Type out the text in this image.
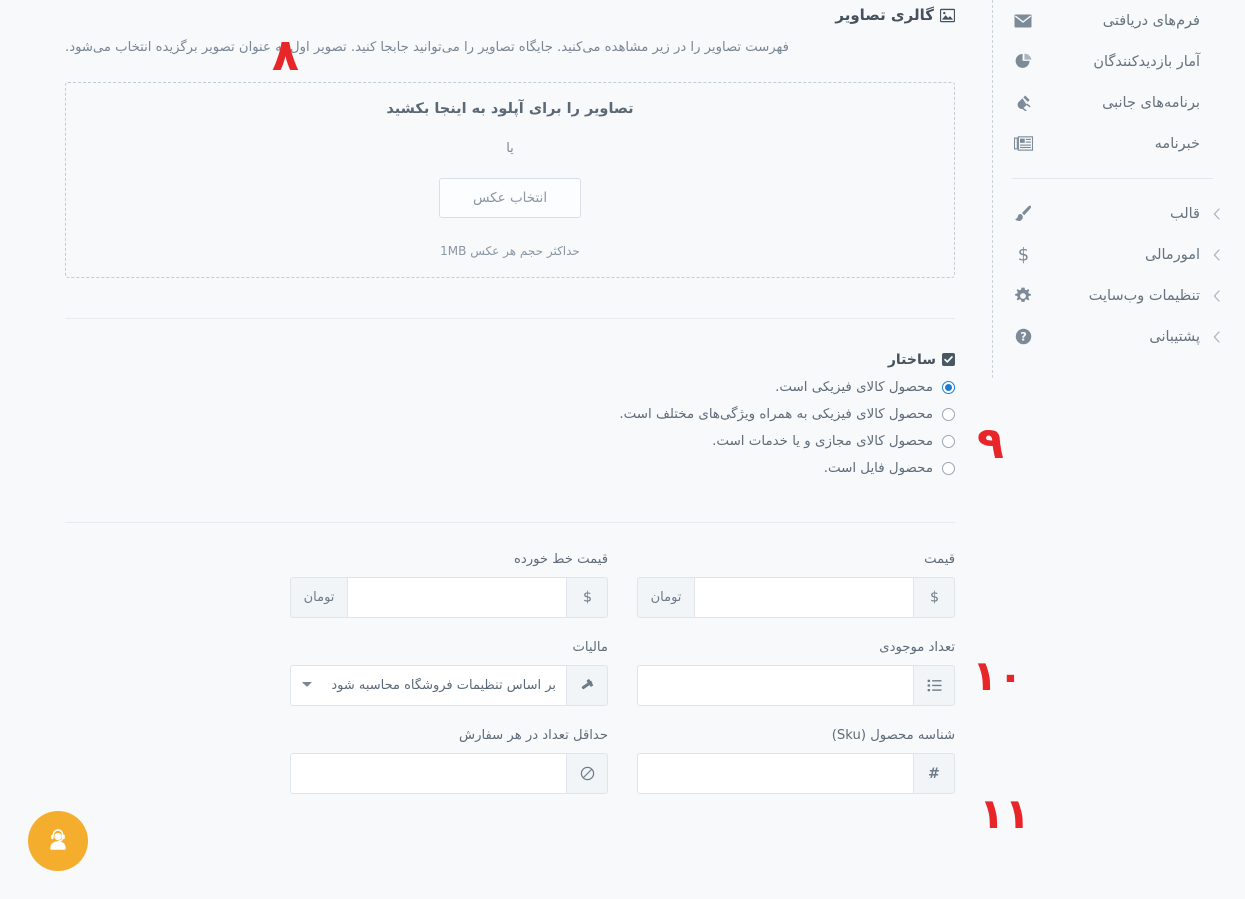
گالری تصاویر

فهرست تصاویر را در زیر مشاهده می‌کنید. جایگاه تصاویر را می‌توانید جابجا کنید. تصویر اول به عنوان تصویر برگزیده انتخاب می‌شود.

تصاویر را برای آپلود به اینجا بکشید
یا
انتخاب عکس
حداکثر حجم هر عکس 1MB
ساختار
محصول کالای فیزیکی است.
محصول کالای فیزیکی به همراه ویژگی‌های مختلف است.
محصول کالای مجازی و یا خدمات است.
محصول فایل است.
قیمت
$
تومان
قیمت خط خورده
$
تومان
تعداد موجودی
مالیات
بر اساس تنظیمات فروشگاه محاسبه شود
شناسه محصول (Sku)
#
حداقل تعداد در هر سفارش
فرم‌های دریافتی
آمار بازدیدکنندگان
برنامه‌های جانبی
خبرنامه
قالب
امورمالی
$
تنظیمات وب‌سایت
پشتیبانی
?
۸
۹
۱۰
۱۱
